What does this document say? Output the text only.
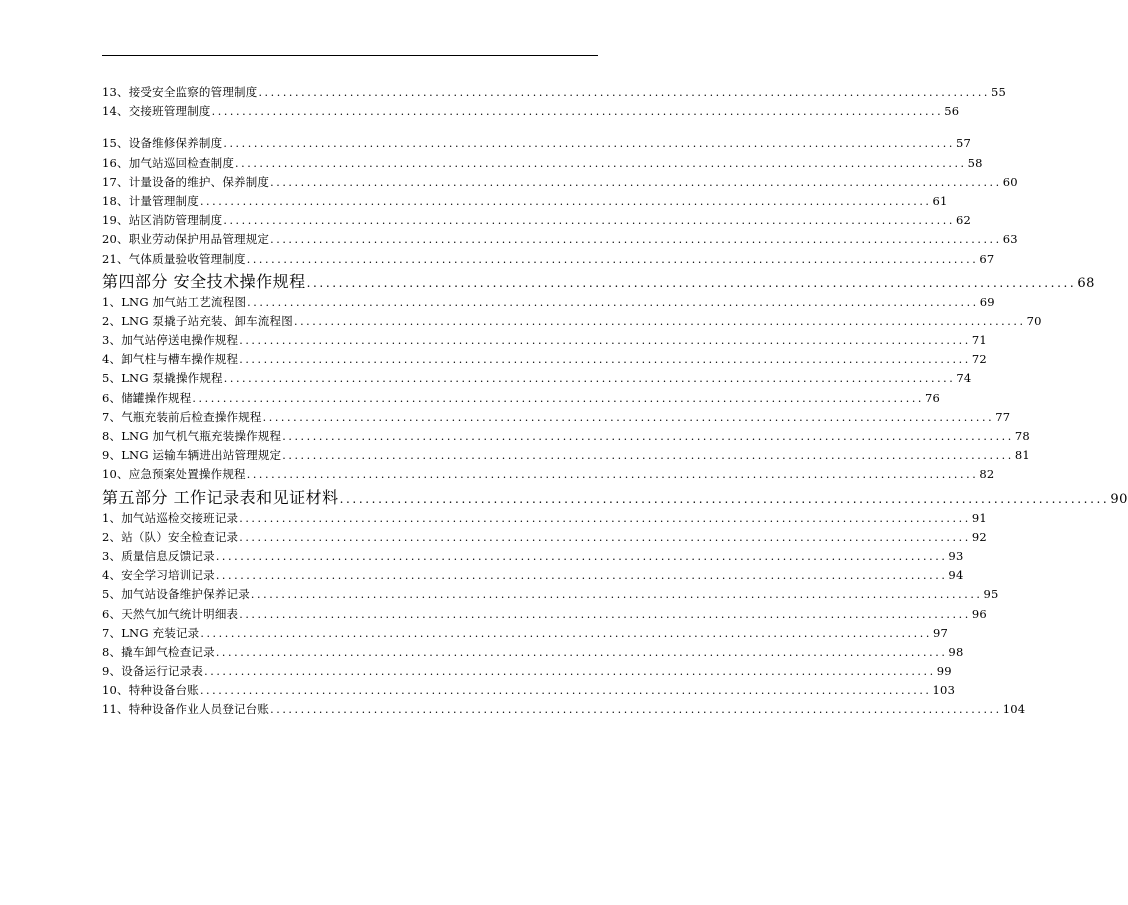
13、接受安全监察的管理制度 ........................................................................................................................ 55
14、交接班管理制度 ........................................................................................................................ 56
15、设备维修保养制度 ........................................................................................................................ 57
16、加气站巡回检查制度 ........................................................................................................................ 58
17、计量设备的维护、保养制度 ........................................................................................................................ 60
18、计量管理制度 ........................................................................................................................ 61
19、站区消防管理制度 ........................................................................................................................ 62
20、职业劳动保护用品管理规定 ........................................................................................................................ 63
21、气体质量验收管理制度 ........................................................................................................................ 67
第四部分 安全技术操作规程 ........................................................................................................................ 68
1、LNG 加气站工艺流程图 ........................................................................................................................ 69
2、LNG 泵撬子站充装、卸车流程图 ........................................................................................................................ 70
3、加气站停送电操作规程 ........................................................................................................................ 71
4、卸气柱与槽车操作规程 ........................................................................................................................ 72
5、LNG 泵撬操作规程 ........................................................................................................................ 74
6、储罐操作规程 ........................................................................................................................ 76
7、气瓶充装前后检查操作规程 ........................................................................................................................ 77
8、LNG 加气机气瓶充装操作规程 ........................................................................................................................ 78
9、LNG 运输车辆进出站管理规定 ........................................................................................................................ 81
10、应急预案处置操作规程 ........................................................................................................................ 82
第五部分 工作记录表和见证材料 ........................................................................................................................ 90
1、加气站巡检交接班记录 ........................................................................................................................ 91
2、站（队）安全检查记录 ........................................................................................................................ 92
3、质量信息反馈记录 ........................................................................................................................ 93
4、安全学习培训记录 ........................................................................................................................ 94
5、加气站设备维护保养记录 ........................................................................................................................ 95
6、天然气加气统计明细表 ........................................................................................................................ 96
7、LNG 充装记录 ........................................................................................................................ 97
8、撬车卸气检查记录 ........................................................................................................................ 98
9、设备运行记录表 ........................................................................................................................ 99
10、特种设备台账 ........................................................................................................................ 103
11、特种设备作业人员登记台账 ........................................................................................................................ 104
